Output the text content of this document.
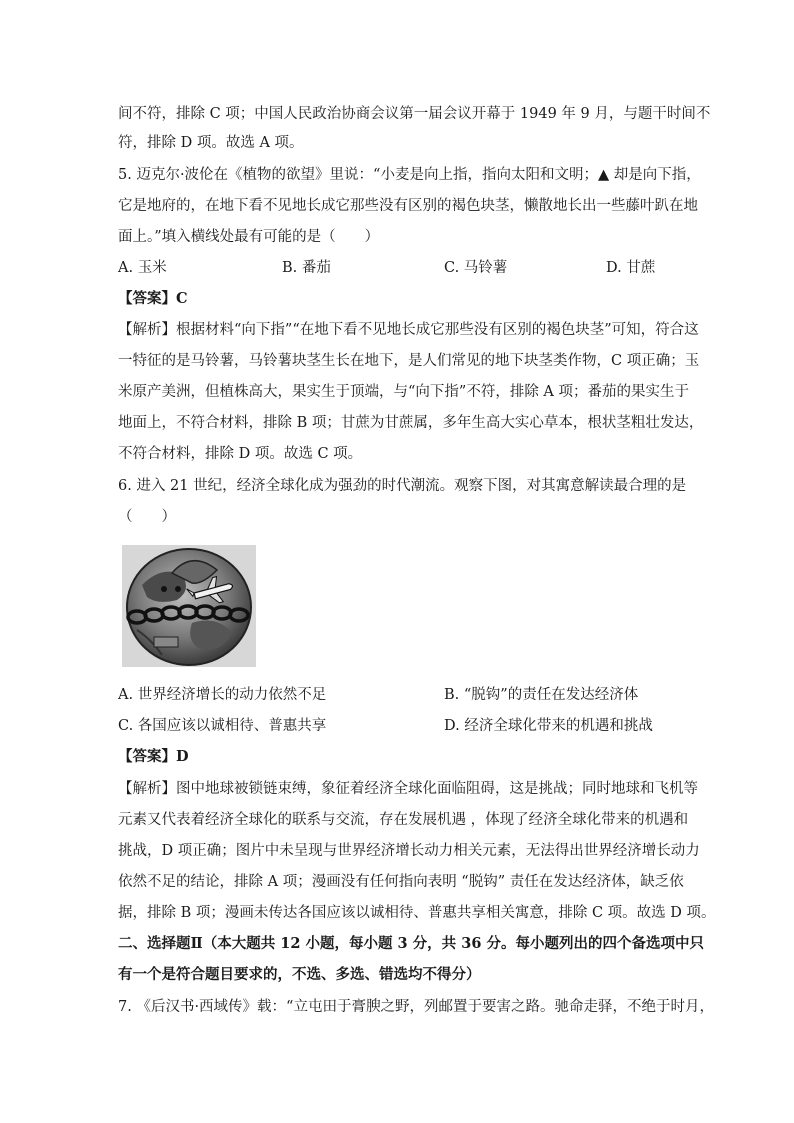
间不符，排除 C 项；中国人民政治协商会议第一届会议开幕于 1949 年 9 月，与题干时间不
符，排除 D 项。故选 A 项。
5. 迈克尔·波伦在《植物的欲望》里说：“小麦是向上指，指向太阳和文明；▲ 却是向下指，
它是地府的，在地下看不见地长成它那些没有区别的褐色块茎，懒散地长出一些藤叶趴在地
面上。”填入横线处最有可能的是（　　）
A. 玉米	B. 番茄	C. 马铃薯	D. 甘蔗
【答案】C
【解析】根据材料“向下指”“在地下看不见地长成它那些没有区别的褐色块茎”可知，符合这
一特征的是马铃薯，马铃薯块茎生长在地下，是人们常见的地下块茎类作物，C 项正确；玉
米原产美洲，但植株高大，果实生于顶端，与“向下指”不符，排除 A 项；番茄的果实生于
地面上，不符合材料，排除 B 项；甘蔗为甘蔗属，多年生高大实心草本，根状茎粗壮发达，
不符合材料，排除 D 项。故选 C 项。
6. 进入 21 世纪，经济全球化成为强劲的时代潮流。观察下图，对其寓意解读最合理的是
（　　）
A. 世界经济增长的动力依然不足	B. “脱钩”的责任在发达经济体
C. 各国应该以诚相待、普惠共享	D. 经济全球化带来的机遇和挑战
【答案】D
【解析】图中地球被锁链束缚，象征着经济全球化面临阻碍，这是挑战；同时地球和飞机等
元素又代表着经济全球化的联系与交流，存在发展机遇 ，体现了经济全球化带来的机遇和
挑战，D 项正确；图片中未呈现与世界经济增长动力相关元素，无法得出世界经济增长动力
依然不足的结论，排除 A 项；漫画没有任何指向表明 “脱钩” 责任在发达经济体，缺乏依
据，排除 B 项；漫画未传达各国应该以诚相待、普惠共享相关寓意，排除 C 项。故选 D 项。
二、选择题Ⅱ（本大题共 12 小题，每小题 3 分，共 36 分。每小题列出的四个备选项中只
有一个是符合题目要求的，不选、多选、错选均不得分）
7. 《后汉书·西域传》载：“立屯田于膏腴之野，列邮置于要害之路。驰命走驿，不绝于时月，
